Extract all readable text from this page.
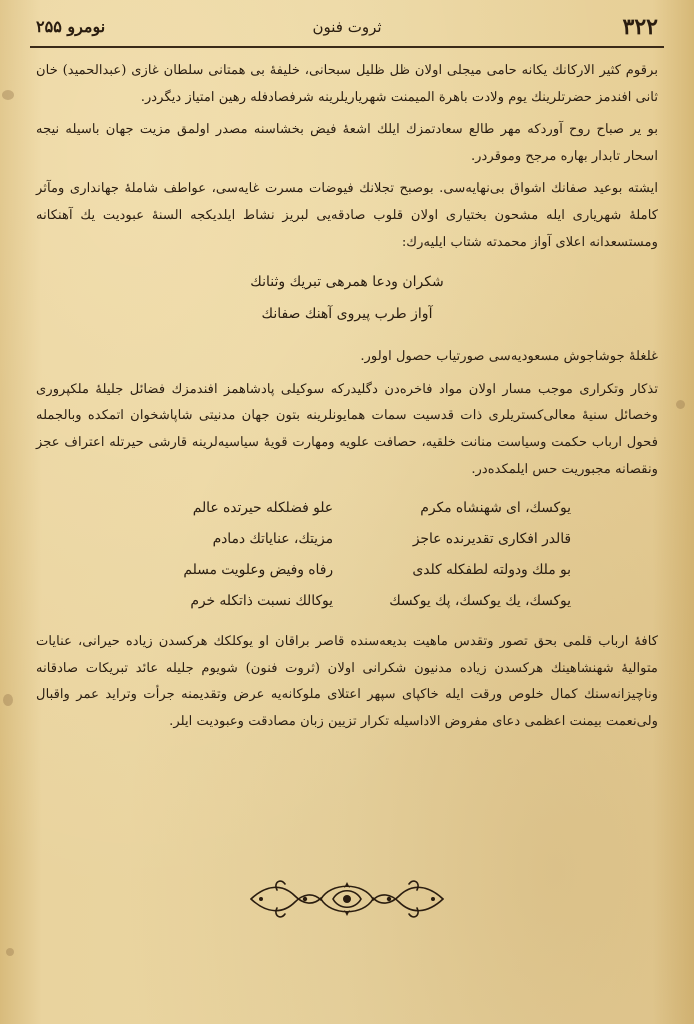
۳۲۲
ثروت فنون
نومرو ۲۵۵

برقوم كثير الاركانك يكانه حامى ميجلى اولان ظل ظليل سبحانى، خليفهٔ بى همتانى سلطان غازى (عبدالحميد) خان ثانى افندمز حضرتلرينك يوم ولادت باهرة الميمنت شهرياريلرينه شرفصادفله رهين امتياز ديگردر.

بو ير صباح روح آوردكه مهر طالع سعادتمزك ايلك اشعهٔ فيض بخشاسنه مصدر اولمق مزيت جهان باسيله نيجه اسحار تابدار بهاره مرجح وموقردر.

ايشته بوعيد صفانك اشواق بى‌نهايه‌سى. بوصبح تجلانك فيوضات مسرت غايه‌سى، عواطف شاملهٔ جهانداری ومآثر كاملهٔ شهريارى ايله مشحون بختيارى اولان قلوب صادقه‌يى لبريز نشاط ايلديكجه السنهٔ عبوديت يك آهنكانه ومستسعدانه اعلاى آواز محمدته شتاب ايليه‌رك:

شكران ودعا همرهى تبريك وثنانك

آواز طرب پيروى آهنك صفانك

غلغلهٔ جوشاجوش مسعوديه‌سى صورتياب حصول اولور.

تذكار وتكرارى موجب مسار اولان مواد فاخره‌دن دگليدركه سوكيلى پادشاهمز افندمزك فضائل جليلهٔ ملكپرورى وخصائل سنيهٔ معالى‌كستريلرى ذات قدسيت سمات همايونلرينه بتون جهان مدنيتى شاپاشخوان اتمكده وبالجمله فحول ارباب حكمت وسياست منانت خلقيه، حصافت علويه ومهارت قويهٔ سياسيه‌لرينه قارشى حيرتله اعتراف عجز ونقصانه مجبوريت حس ايلمكده‌در.

يوكسك، اى شهنشاه مكرم
علو فضلكله حيرتده عالم
قالدر افكارى تقديرنده عاجز
مزيتك، عناياتك دمادم
بو ملك ودولته لطفكله كلدى
رفاه وفيض وعلويت مسلم
يوكسك، يك يوكسك، پك يوكسك
يوكالك نسبت ذاتكله خرم

كافهٔ ارباب قلمى بحق تصور وتقدس ماهيت بديعه‌سنده قاصر براقان او يوكلكك هركسدن زياده حيرانى، عنايات متواليهٔ شهنشاهينك هركسدن زياده مدنيون شكرانى اولان (ثروت فنون) شويوم جليله عائد تبريكات صادقانه وناچيزانه‌سنك كمال خلوص ورقت ايله خاكپاى سپهر اعتلاى ملوكانه‌يه عرض وتقديمنه جرأت وترايد عمر واقبال ولى‌نعمت بيمنت اعظمى دعاى مفروض الاداسيله تكرار تزيين زبان مصادقت وعبوديت ايلر.
